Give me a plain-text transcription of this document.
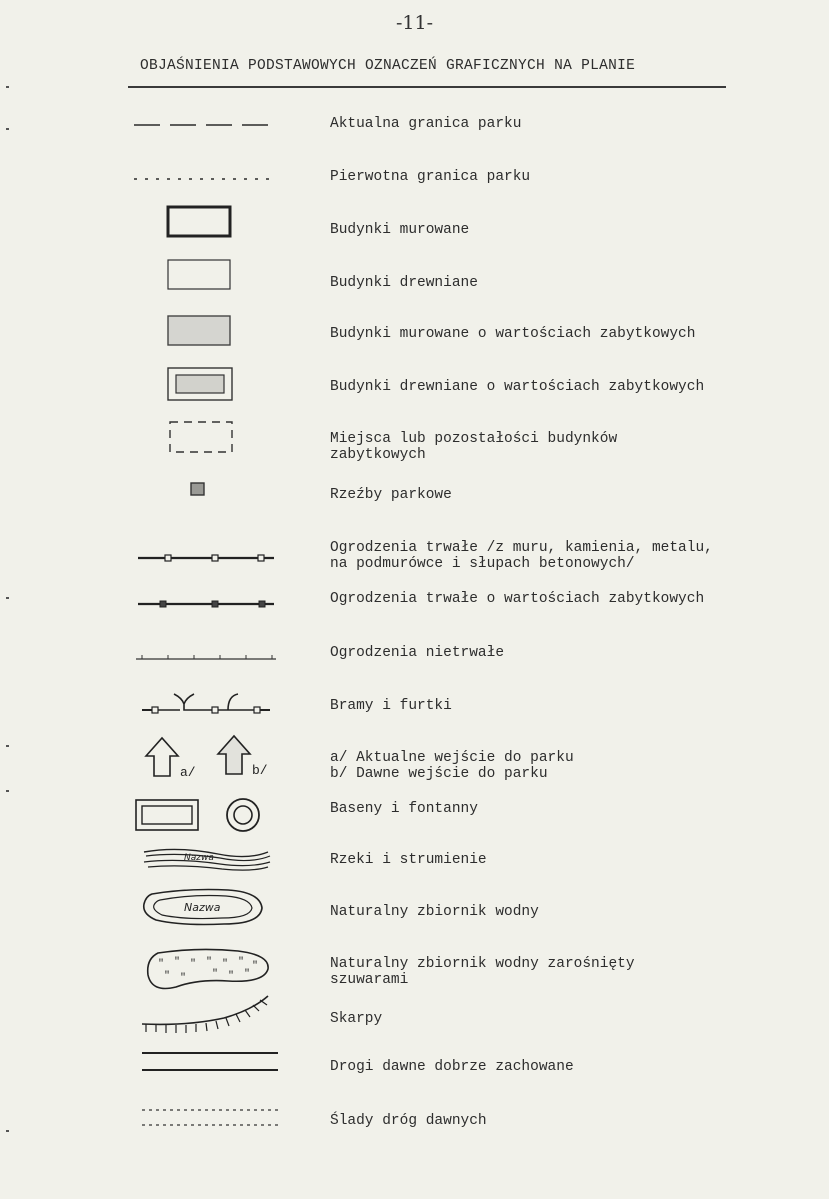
-11-
OBJAŚNIENIA PODSTAWOWYCH OZNACZEŃ GRAFICZNYCH NA PLANIE
Aktualna granica parku
Pierwotna granica parku
Budynki murowane
Budynki drewniane
Budynki murowane o wartościach zabytkowych
Budynki drewniane o wartościach zabytkowych
Miejsca lub pozostałości budynków
zabytkowych
Rzeźby parkowe
Ogrodzenia trwałe /z muru, kamienia, metalu,
na podmurówce i słupach betonowych/
Ogrodzenia trwałe o wartościach zabytkowych
Ogrodzenia nietrwałe
Bramy i furtki
a/	b/
a/ Aktualne wejście do parku
b/ Dawne wejście do parku
Baseny i fontanny
Nazwa	Rzeki i strumienie
Nazwa	Naturalny zbiornik wodny
" " " " " " "
" "	" " "
Naturalny zbiornik wodny zarośnięty
szuwarami
Skarpy
Drogi dawne dobrze zachowane
Ślady dróg dawnych
